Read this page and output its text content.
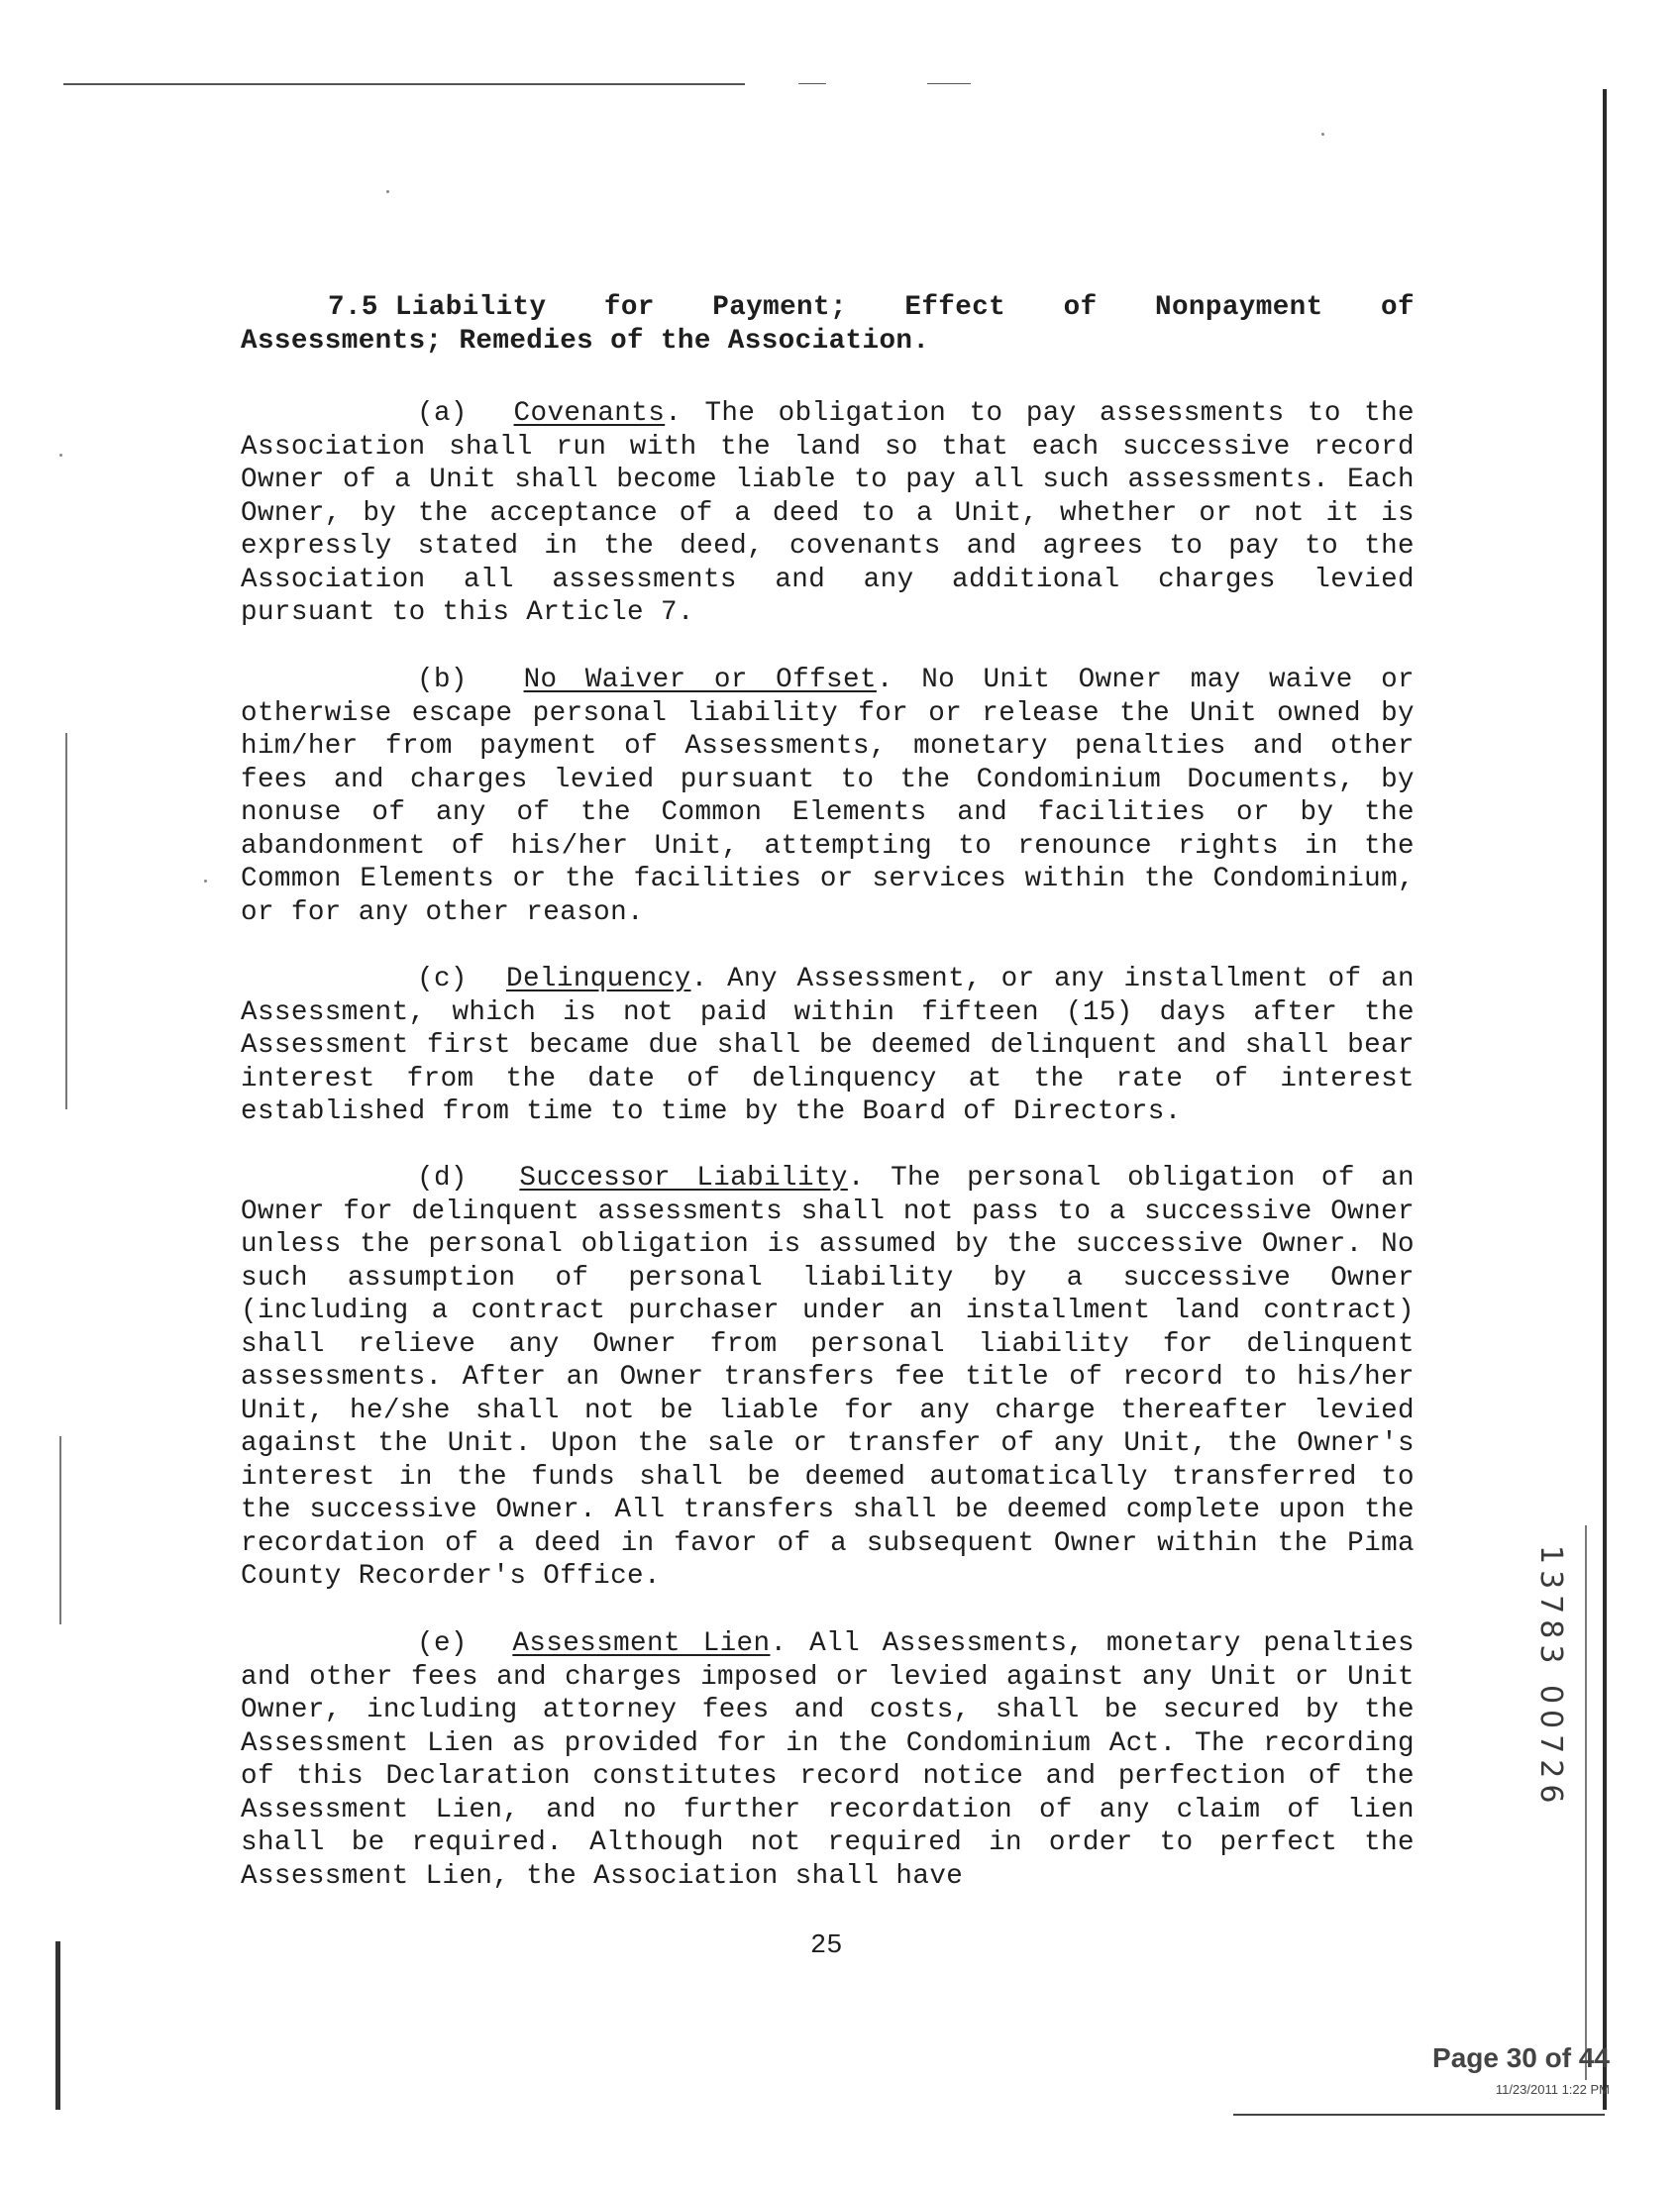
7.5 Liability for Payment; Effect of Nonpayment of
Assessments; Remedies of the Association.
(a) Covenants. The obligation to pay assessments to the Association shall run with the land so that each successive record Owner of a Unit shall become liable to pay all such assessments. Each Owner, by the acceptance of a deed to a Unit, whether or not it is expressly stated in the deed, covenants and agrees to pay to the Association all assessments and any additional charges levied pursuant to this Article 7.
(b) No Waiver or Offset. No Unit Owner may waive or otherwise escape personal liability for or release the Unit owned by him/her from payment of Assessments, monetary penalties and other fees and charges levied pursuant to the Condominium Documents, by nonuse of any of the Common Elements and facilities or by the abandonment of his/her Unit, attempting to renounce rights in the Common Elements or the facilities or services within the Condominium, or for any other reason.
(c) Delinquency. Any Assessment, or any installment of an Assessment, which is not paid within fifteen (15) days after the Assessment first became due shall be deemed delinquent and shall bear interest from the date of delinquency at the rate of interest established from time to time by the Board of Directors.
(d) Successor Liability. The personal obligation of an Owner for delinquent assessments shall not pass to a successive Owner unless the personal obligation is assumed by the successive Owner. No such assumption of personal liability by a successive Owner (including a contract purchaser under an installment land contract) shall relieve any Owner from personal liability for delinquent assessments. After an Owner transfers fee title of record to his/her Unit, he/she shall not be liable for any charge thereafter levied against the Unit. Upon the sale or transfer of any Unit, the Owner's interest in the funds shall be deemed automatically transferred to the successive Owner. All transfers shall be deemed complete upon the recordation of a deed in favor of a subsequent Owner within the Pima County Recorder's Office.
(e) Assessment Lien. All Assessments, monetary penalties and other fees and charges imposed or levied against any Unit or Unit Owner, including attorney fees and costs, shall be secured by the Assessment Lien as provided for in the Condominium Act. The recording of this Declaration constitutes record notice and perfection of the Assessment Lien, and no further recordation of any claim of lien shall be required. Although not required in order to perfect the Assessment Lien, the Association shall have
25
13783 00726
Page 30 of 44
11/23/2011 1:22 PM
